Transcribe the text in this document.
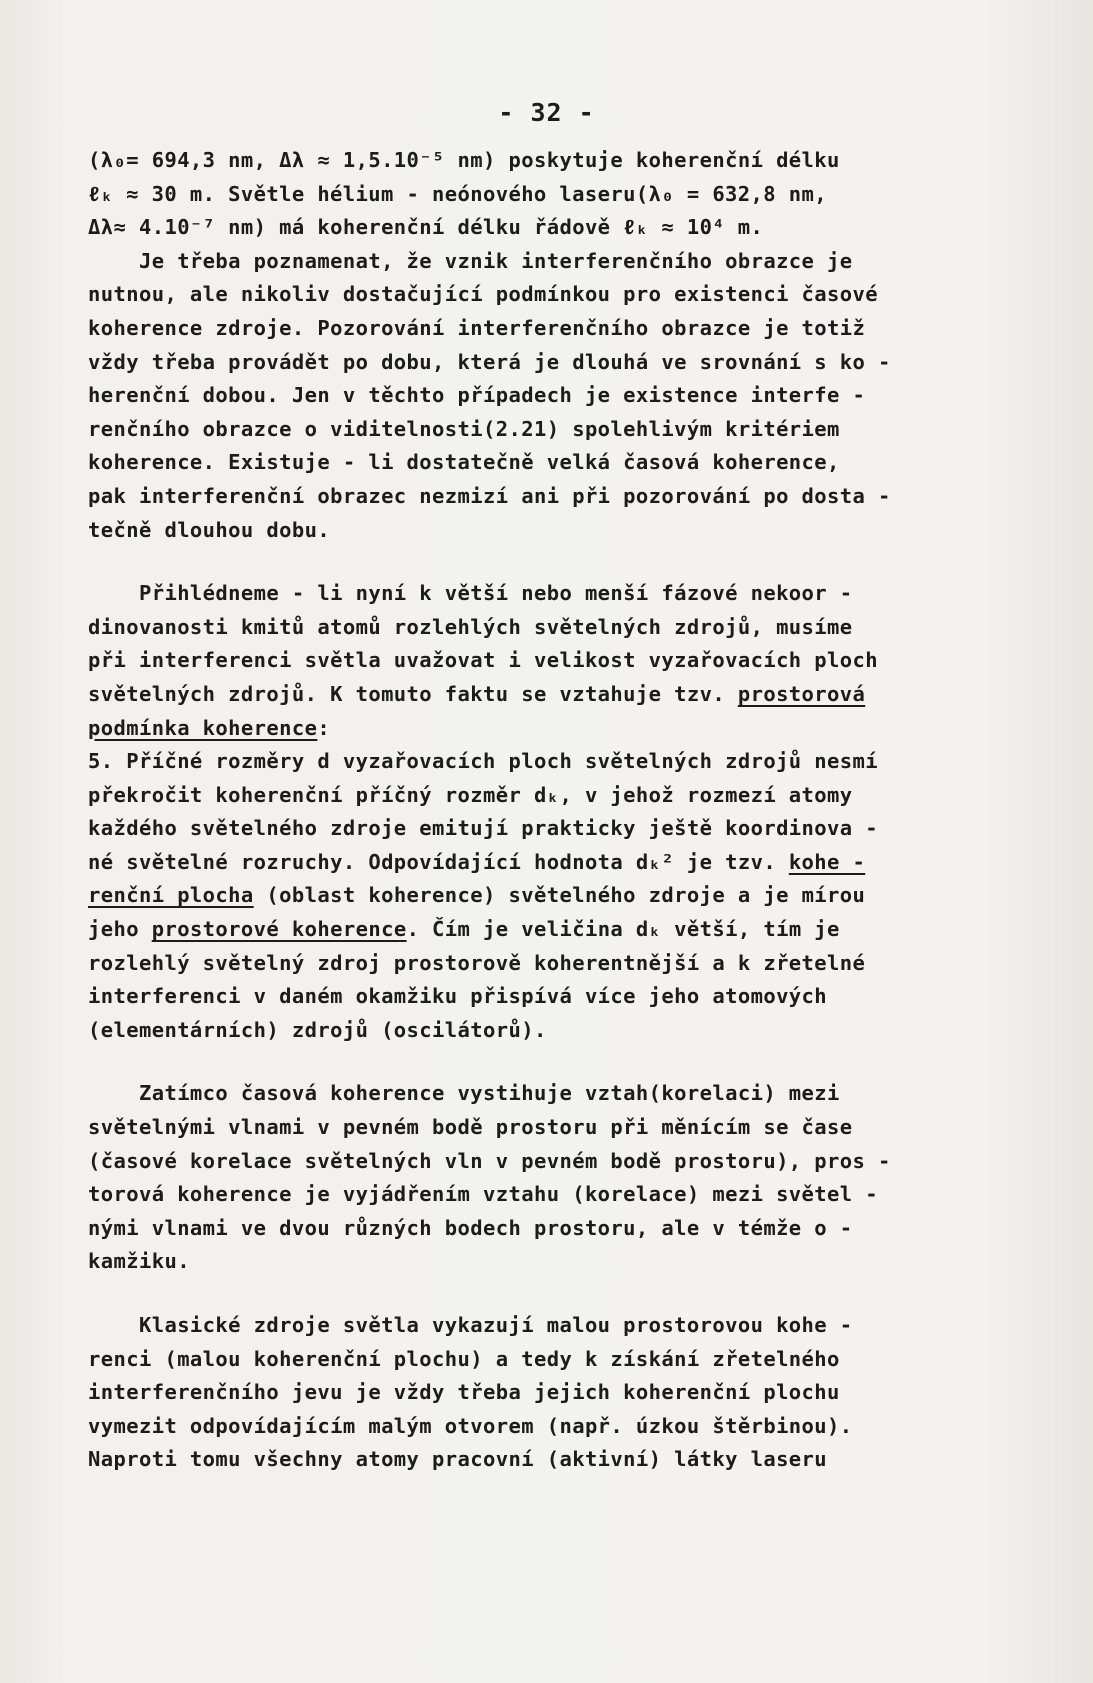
- 32 -
(λ₀= 694,3 nm, Δλ ≈ 1,5.10⁻⁵ nm) poskytuje koherenční délku
ℓₖ ≈ 30 m. Světle hélium - neónového laseru(λ₀ = 632,8 nm,
Δλ≈ 4.10⁻⁷ nm) má koherenční délku řádově ℓₖ ≈ 10⁴ m.
Je třeba poznamenat, že vznik interferenčního obrazce je
nutnou, ale nikoliv dostačující podmínkou pro existenci časové
koherence zdroje. Pozorování interferenčního obrazce je totiž
vždy třeba provádět po dobu, která je dlouhá ve srovnání s ko -
herenční dobou. Jen v těchto případech je existence interfe -
renčního obrazce o viditelnosti(2.21) spolehlivým kritériem
koherence. Existuje - li dostatečně velká časová koherence,
pak interferenční obrazec nezmizí ani při pozorování po dosta -
tečně dlouhou dobu.
Přihlédneme - li nyní k větší nebo menší fázové nekoor -
dinovanosti kmitů atomů rozlehlých světelných zdrojů, musíme
při interferenci světla uvažovat i velikost vyzařovacích ploch
světelných zdrojů. K tomuto faktu se vztahuje tzv. prostorová
podmínka koherence:
5. Příčné rozměry d vyzařovacích ploch světelných zdrojů nesmí
překročit koherenční příčný rozměr dₖ, v jehož rozmezí atomy
každého světelného zdroje emitují prakticky ještě koordinova -
né světelné rozruchy. Odpovídající hodnota dₖ² je tzv. kohe -
renční plocha (oblast koherence) světelného zdroje a je mírou
jeho prostorové koherence. Čím je veličina dₖ větší, tím je
rozlehlý světelný zdroj prostorově koherentnější a k zřetelné
interferenci v daném okamžiku přispívá více jeho atomových
(elementárních) zdrojů (oscilátorů).
Zatímco časová koherence vystihuje vztah(korelaci) mezi
světelnými vlnami v pevném bodě prostoru při měnícím se čase
(časové korelace světelných vln v pevném bodě prostoru), pros -
torová koherence je vyjádřením vztahu (korelace) mezi světel -
nými vlnami ve dvou různých bodech prostoru, ale v témže o -
kamžiku.
Klasické zdroje světla vykazují malou prostorovou kohe -
renci (malou koherenční plochu) a tedy k získání zřetelného
interferenčního jevu je vždy třeba jejich koherenční plochu
vymezit odpovídajícím malým otvorem (např. úzkou štěrbinou).
Naproti tomu všechny atomy pracovní (aktivní) látky laseru
